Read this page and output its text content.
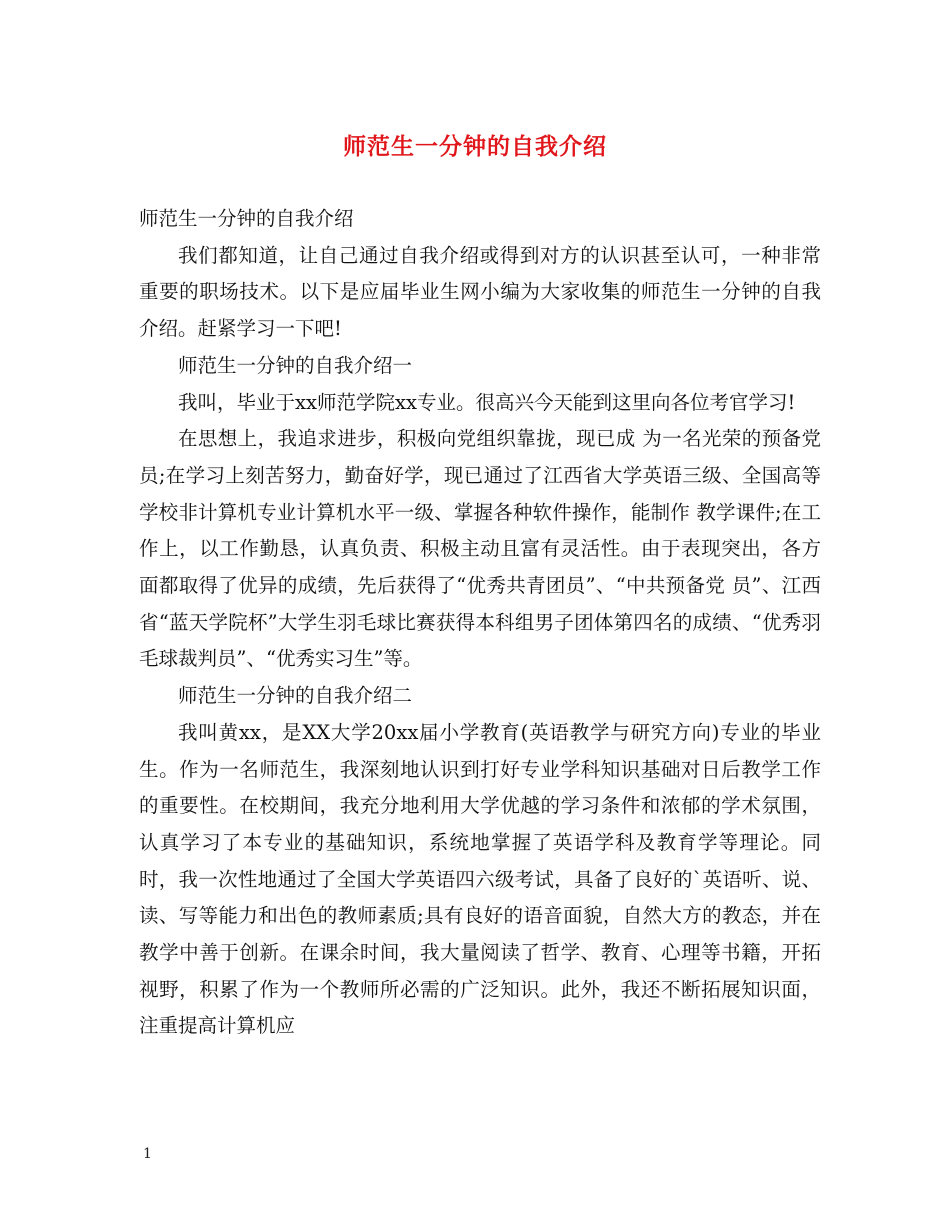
师范生一分钟的自我介绍

师范生一分钟的自我介绍

我们都知道，让自己通过自我介绍或得到对方的认识甚至认可，一种非常重要的职场技术。以下是应届毕业生网小编为大家收集的师范生一分钟的自我介绍。赶紧学习一下吧!

师范生一分钟的自我介绍一

我叫，毕业于xx师范学院xx专业。很高兴今天能到这里向各位考官学习!

在思想上，我追求进步，积极向党组织靠拢，现已成 为一名光荣的预备党员;在学习上刻苦努力，勤奋好学，现已通过了江西省大学英语三级、全国高等学校非计算机专业计算机水平一级、掌握各种软件操作，能制作 教学课件;在工作上，以工作勤恳，认真负责、积极主动且富有灵活性。由于表现突出，各方面都取得了优异的成绩，先后获得了“优秀共青团员”、“中共预备党 员”、江西省“蓝天学院杯”大学生羽毛球比赛获得本科组男子团体第四名的成绩、“优秀羽毛球裁判员”、“优秀实习生”等。

师范生一分钟的自我介绍二

我叫黄xx，是XX大学20xx届小学教育(英语教学与研究方向)专业的毕业生。作为一名师范生，我深刻地认识到打好专业学科知识基础对日后教学工作的重要性。在校期间，我充分地利用大学优越的学习条件和浓郁的学术氛围，认真学习了本专业的基础知识，系统地掌握了英语学科及教育学等理论。同时，我一次性地通过了全国大学英语四六级考试，具备了良好的`英语听、说、读、写等能力和出色的教师素质;具有良好的语音面貌，自然大方的教态，并在教学中善于创新。在课余时间，我大量阅读了哲学、教育、心理等书籍，开拓视野，积累了作为一个教师所必需的广泛知识。此外，我还不断拓展知识面，注重提高计算机应

1
